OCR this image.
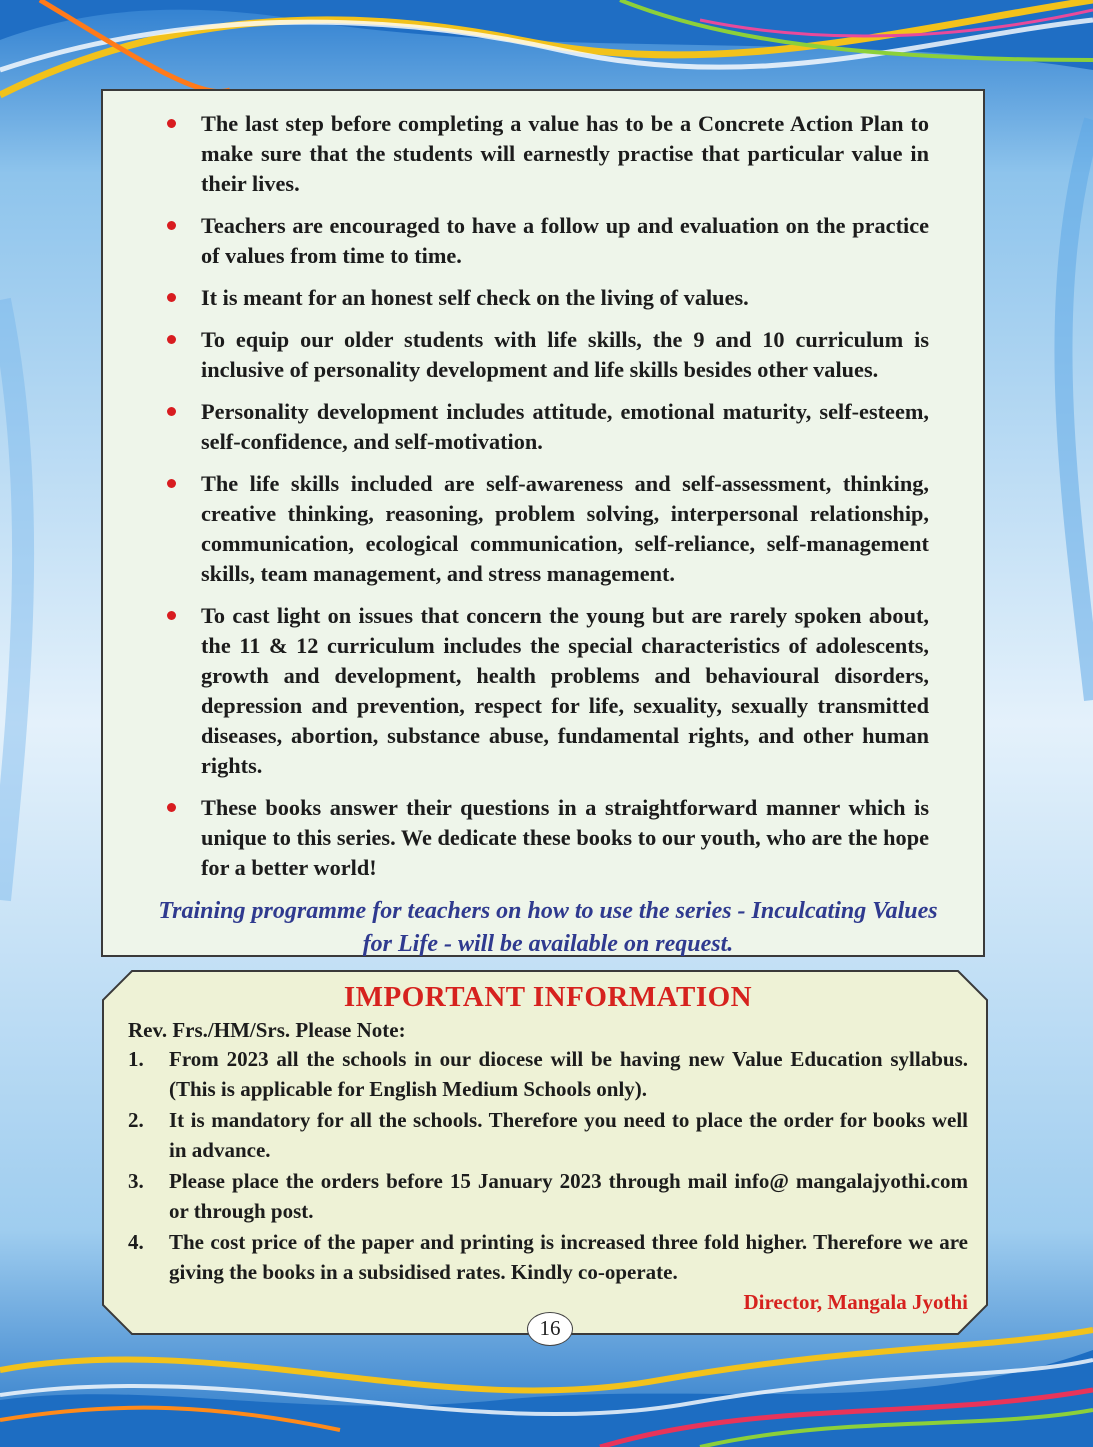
The last step before completing a value has to be a Concrete Action Plan to make sure that the students will earnestly practise that particular value in their lives.
Teachers are encouraged to have a follow up and evaluation on the practice of values from time to time.
It is meant for an honest self check on the living of values.
To equip our older students with life skills, the 9 and 10 curriculum is inclusive of personality development and life skills besides other values.
Personality development includes attitude, emotional maturity, self-esteem, self-confidence, and self-motivation.
The life skills included are self-awareness and self-assessment, thinking, creative thinking, reasoning, problem solving, interpersonal relationship, communication, ecological communication, self-reliance, self-management skills, team management, and stress management.
To cast light on issues that concern the young but are rarely spoken about, the 11 & 12 curriculum includes the special characteristics of adolescents, growth and development, health problems and behavioural disorders, depression and prevention, respect for life, sexuality, sexually transmitted diseases, abortion, substance abuse, fundamental rights, and other human rights.
These books answer their questions in a straightforward manner which is unique to this series. We dedicate these books to our youth, who are the hope for a better world!
Training programme for teachers on how to use the series - Inculcating Values for Life - will be available on request.
IMPORTANT INFORMATION
Rev. Frs./HM/Srs. Please Note:
1. From 2023 all the schools in our diocese will be having new Value Education syllabus. (This is applicable for English Medium Schools only).
2. It is mandatory for all the schools. Therefore you need to place the order for books well in advance.
3. Please place the orders before 15 January 2023 through mail info@ mangalajyothi.com or through post.
4. The cost price of the paper and printing is increased three fold higher. Therefore we are giving the books in a subsidised rates. Kindly co-operate.
Director, Mangala Jyothi
16
